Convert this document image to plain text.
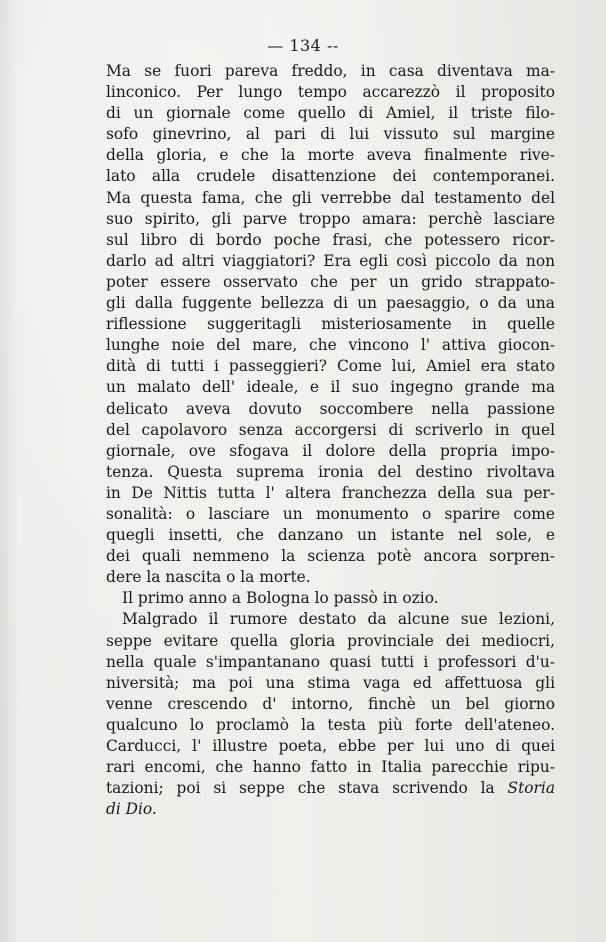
— 134 --
Ma se fuori pareva freddo, in casa diventava ma-
linconico. Per lungo tempo accarezzò il proposito
di un giornale come quello di Amiel, il triste filo-
sofo ginevrino, al pari di lui vissuto sul margine
della gloria, e che la morte aveva finalmente rive-
lato alla crudele disattenzione dei contemporanei.
Ma questa fama, che gli verrebbe dal testamento del
suo spirito, gli parve troppo amara: perchè lasciare
sul libro di bordo poche frasi, che potessero ricor-
darlo ad altri viaggiatori? Era egli così piccolo da non
poter essere osservato che per un grido strappato-
gli dalla fuggente bellezza di un paesaggio, o da una
riflessione suggeritagli misteriosamente in quelle
lunghe noie del mare, che vincono l' attiva giocon-
dità di tutti i passeggieri? Come lui, Amiel era stato
un malato dell' ideale, e il suo ingegno grande ma
delicato aveva dovuto soccombere nella passione
del capolavoro senza accorgersi di scriverlo in quel
giornale, ove sfogava il dolore della propria impo-
tenza. Questa suprema ironia del destino rivoltava
in De Nittis tutta l' altera franchezza della sua per-
sonalità: o lasciare un monumento o sparire come
quegli insetti, che danzano un istante nel sole, e
dei quali nemmeno la scienza potè ancora sorpren-
dere la nascita o la morte.
Il primo anno a Bologna lo passò in ozio.
Malgrado il rumore destato da alcune sue lezioni,
seppe evitare quella gloria provinciale dei mediocri,
nella quale s'impantanano quasi tutti i professori d'u-
niversità; ma poi una stima vaga ed affettuosa gli
venne crescendo d' intorno, finchè un bel giorno
qualcuno lo proclamò la testa più forte dell'ateneo.
Carducci, l' illustre poeta, ebbe per lui uno di quei
rari encomi, che hanno fatto in Italia parecchie ripu-
tazioni; poi si seppe che stava scrivendo la Storia
di Dio.
